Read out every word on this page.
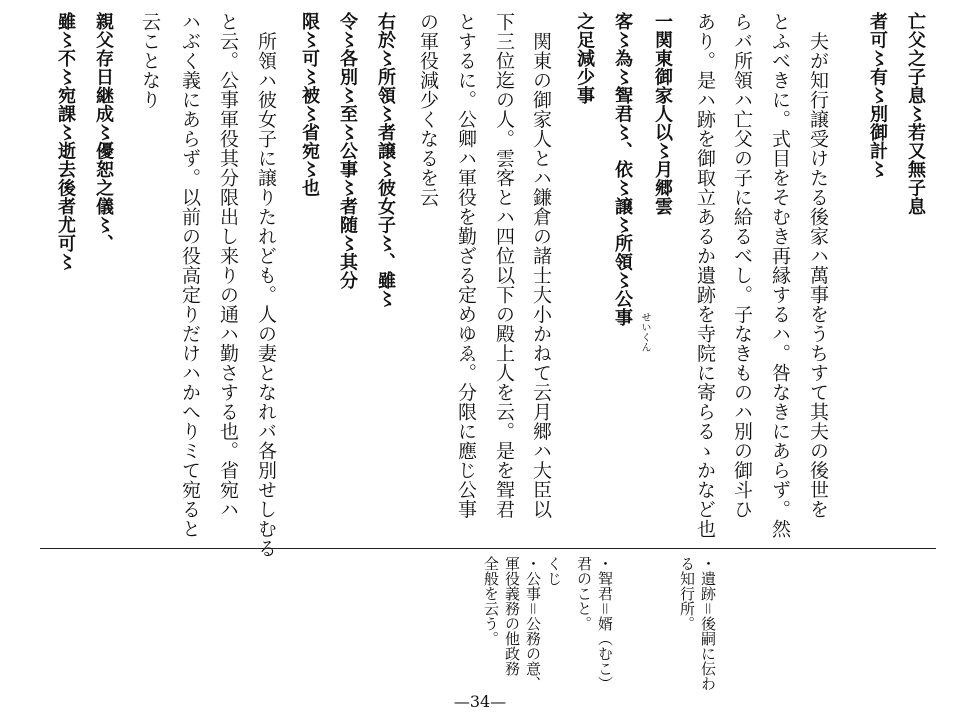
亡父之子息〻若又無子息
者可〻有〻別御計〻
　夫が知行譲受けたる後家ハ萬事をうちすて其夫の後世を
とふべきに。式目をそむき再縁するハ。咎なきにあらず。然
らバ所領ハ亡父の子に給るべし。子なきものハ別の御斗ひ
あり。是ハ跡を御取立あるか遺跡を寺院に寄らるゝかなど也
一関東御家人以〻月郷雲
客〻為〻聟君〻、依〻譲〻所領〻公事
之足減少事
　関東の御家人とハ鎌倉の諸士大小かねて云月郷ハ大臣以
下三位迄の人。雲客とハ四位以下の殿上人を云。是を聟君
とするに。公卿ハ軍役を勤ざる定めゆゑ。分限に應じ公事
の軍役減少くなるを云
右於〻所領〻者譲〻彼女子〻、雖〻
令〻各別〻至〻公事〻者随〻其分
限〻可〻被〻省宛〻也
　所領ハ彼女子に譲りたれども。人の妻となれバ各別せしむる
と云。公事軍役其分限出し来りの通ハ勤さする也。省宛ハ
ハぶく義にあらず。以前の役高定りだけハかへりミて宛ると
云ことなり
親父存日継成〻優恕之儀〻、
雖〻不〻宛課〻逝去後者尤可〻
せいくん
・遺跡＝後嗣に伝わ
る知行所。
・聟君＝婿（むこ）
君のこと。
くじ
・公事＝公務の意、
軍役義務の他政務
全般を云う。
—34—
